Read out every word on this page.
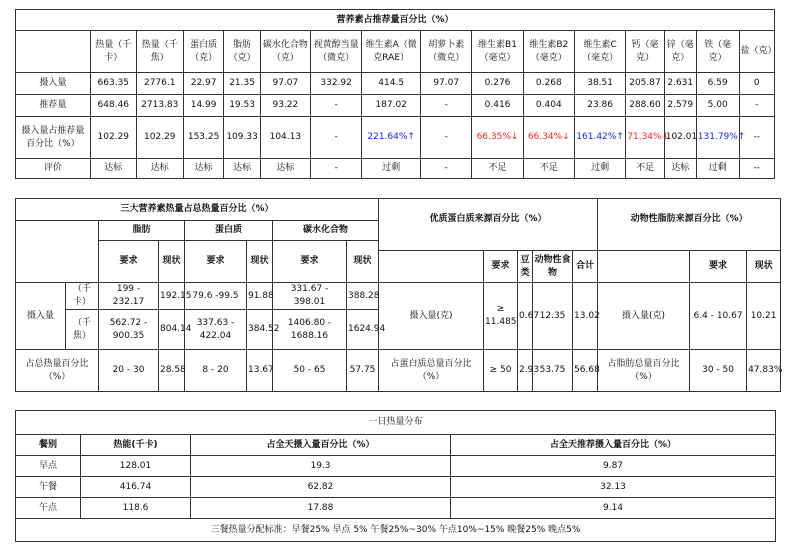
营养素占推荐量百分比（%）															
	热量（千卡）	热量（千焦）	蛋白质（克）	脂肪（克）	碳水化合物（克）	视黄醇当量（微克）	维生素A（微克RAE）	胡萝卜素（微克）	维生素B1（毫克）	维生素B2（毫克）	维生素C（毫克）	钙（毫克）	锌（毫克）	铁（毫克）	盐（克）
摄入量	663.35	2776.1	22.97	21.35	97.07	332.92	414.5	97.07	0.276	0.268	38.51	205.87	2.631	6.59	0
推荐量	648.46	2713.83	14.99	19.53	93.22	-	187.02	-	0.416	0.404	23.86	288.60	2.579	5.00	-
摄入量占推荐量百分比（%）	102.29	102.29	153.25	109.33	104.13	-	221.64%↑	-	66.35%↓	66.34%↓	161.42%↑	71.34%↓	102.01	131.79%↑	--
评价	达标	达标	达标	达标	达标	-	过剩	-	不足	不足	过剩	不足	达标	过剩	--
三大营养素热量占总热量百分比（%）								优质蛋白质来源百分比（%）					动物性脂肪来源百分比（%）		
		脂肪		蛋白质		碳水化合物									
		要求	现状	要求	现状	要求	现状								
									要求	豆类	动物性食物	合计		要求	现状
摄入量	（千卡）	199 - 232.17	192.15	79.6 -99.5	91.88	331.67 - 398.01	388.28	摄入量(克)	≥ 11.485	0.67	12.35	13.02	摄入量(克)	6.4 - 10.67	10.21
	（千焦）	562.72 - 900.35	804.14	337.63 - 422.04	384.52	1406.80 - 1688.16	1624.94								
占总热量百分比（%）		20 - 30	28.58	8 - 20	13.67	50 - 65	57.75	占蛋白质总量百分比（%）	≥ 50	2.93	53.75	56.68	占脂肪总量百分比（%）	30 - 50	47.83%
一日热量分布			
餐别	热能(千卡)	占全天摄入量百分比（%）	占全天推荐摄入量百分比（%）
早点	128.01	19.3	9.87
午餐	416.74	62.82	32.13
午点	118.6	17.88	9.14
三餐热量分配标准：早餐25% 早点 5% 午餐25%~30% 午点10%~15% 晚餐25% 晚点5%			
